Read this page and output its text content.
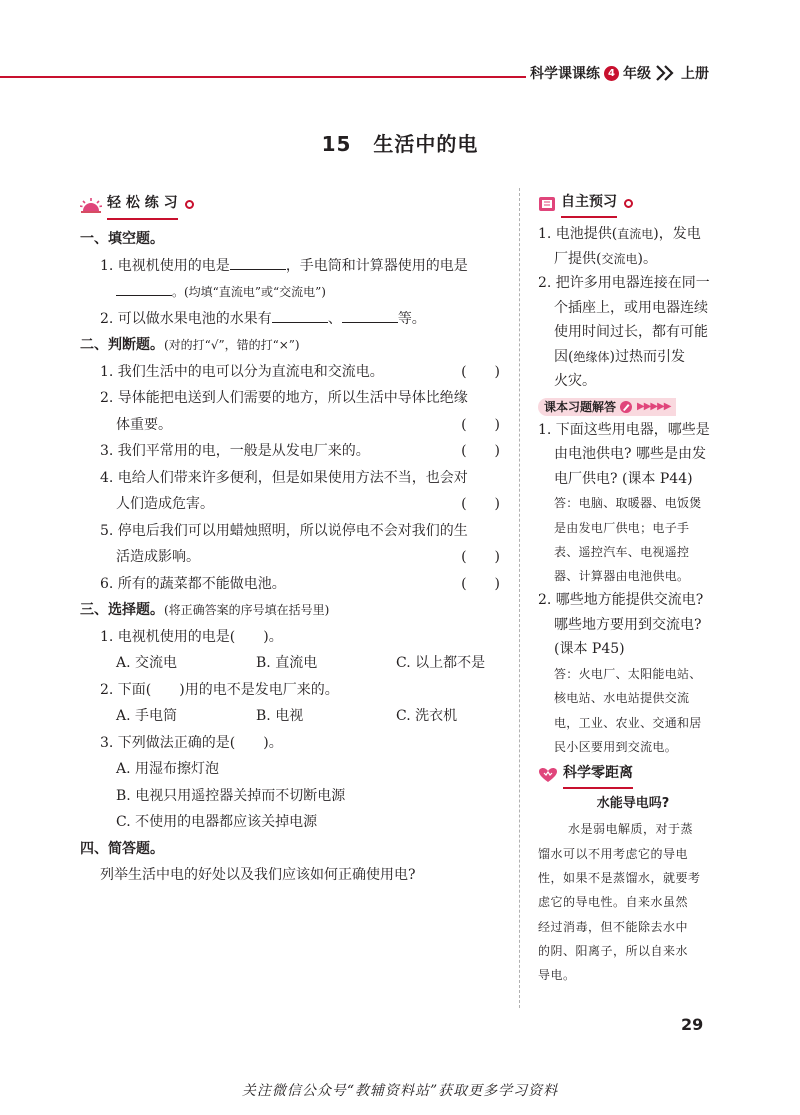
科学课课练 4 年级 上册
15 生活中的电
轻 松 练 习
一、填空题。
1. 电视机使用的电是	，手电筒和计算器使用的电是
。(均填“直流电”或“交流电”)
2. 可以做水果电池的水果有	、	等。
二、判断题。(对的打“√”，错的打“×”)
1. 我们生活中的电可以分为直流电和交流电。	(　　)
2. 导体能把电送到人们需要的地方，所以生活中导体比绝缘
体重要。	(　　)
3. 我们平常用的电，一般是从发电厂来的。	(　　)
4. 电给人们带来许多便利，但是如果使用方法不当，也会对
人们造成危害。	(　　)
5. 停电后我们可以用蜡烛照明，所以说停电不会对我们的生
活造成影响。	(　　)
6. 所有的蔬菜都不能做电池。	(　　)
三、选择题。(将正确答案的序号填在括号里)
1. 电视机使用的电是(　　)。
A. 交流电	B. 直流电	C. 以上都不是
2. 下面(　　)用的电不是发电厂来的。
A. 手电筒	B. 电视	C. 洗衣机
3. 下列做法正确的是(　　)。
A. 用湿布擦灯泡
B. 电视只用遥控器关掉而不切断电源
C. 不使用的电器都应该关掉电源
四、简答题。
列举生活中电的好处以及我们应该如何正确使用电?
自主预习
1. 电池提供(直流电)，发电
厂提供(交流电)。
2. 把许多用电器连接在同一
个插座上，或用电器连续
使用时间过长，都有可能
因(绝缘体)过热而引发
火灾。
课本习题解答 ▶▶▶▶▶
1. 下面这些用电器，哪些是
由电池供电? 哪些是由发
电厂供电? (课本 P44)
答：电脑、取暖器、电饭煲
是由发电厂供电；电子手
表、遥控汽车、电视遥控
器、计算器由电池供电。
2. 哪些地方能提供交流电?
哪些地方要用到交流电?
(课本 P45)
答：火电厂、太阳能电站、
核电站、水电站提供交流
电，工业、农业、交通和居
民小区要用到交流电。
科学零距离
水能导电吗?
水是弱电解质，对于蒸
馏水可以不用考虑它的导电
性，如果不是蒸馏水，就要考
虑它的导电性。自来水虽然
经过消毒，但不能除去水中
的阴、阳离子，所以自来水
导电。
29
关注微信公众号“教辅资料站”获取更多学习资料
